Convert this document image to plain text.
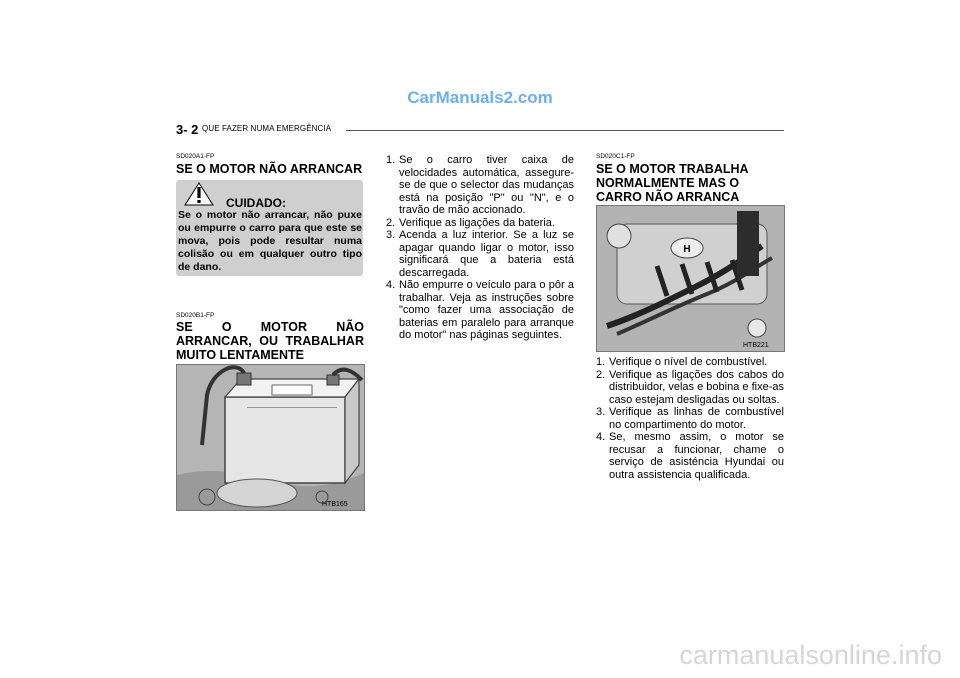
CarManuals2.com
carmanualsonline.info
3- 2 QUE FAZER NUMA EMERGÊNCIA
SD020A1-FP
SE O MOTOR NÃO ARRANCAR
CUIDADO:
Se o motor não arrancar, não puxe ou empurre o carro para que este se mova, pois pode resultar numa colisão ou em qualquer outro tipo de dano.
SD020B1-FP
SE O MOTOR NÃO ARRANCAR, OU TRABALHAR MUITO LENTAMENTE
HTB165
1. Se o carro tiver caixa de velocidades automática, assegure-se de que o selector das mudanças está na posição "P" ou "N", e o travão de mão accionado.
2. Verifique as ligações da bateria.
3. Acenda a luz interior. Se a luz se apagar quando ligar o motor, isso significará que a bateria está descarregada.
4. Não empurre o veículo para o pôr a trabalhar. Veja as instruções sobre "como fazer uma associação de baterias em paralelo para arranque do motor" nas páginas seguintes.
SD020C1-FP
SE O MOTOR TRABALHA NORMALMENTE MAS O CARRO NÃO ARRANCA
H
HTB221
1. Verifique o nível de combustível.
2. Verifique as ligações dos cabos do distribuidor, velas e bobina e fixe-as caso estejam desligadas ou soltas.
3. Verifique as linhas de combustível no compartimento do motor.
4. Se, mesmo assim, o motor se recusar a funcionar, chame o serviço de asisténcia Hyundai ou outra assistencia qualificada.
